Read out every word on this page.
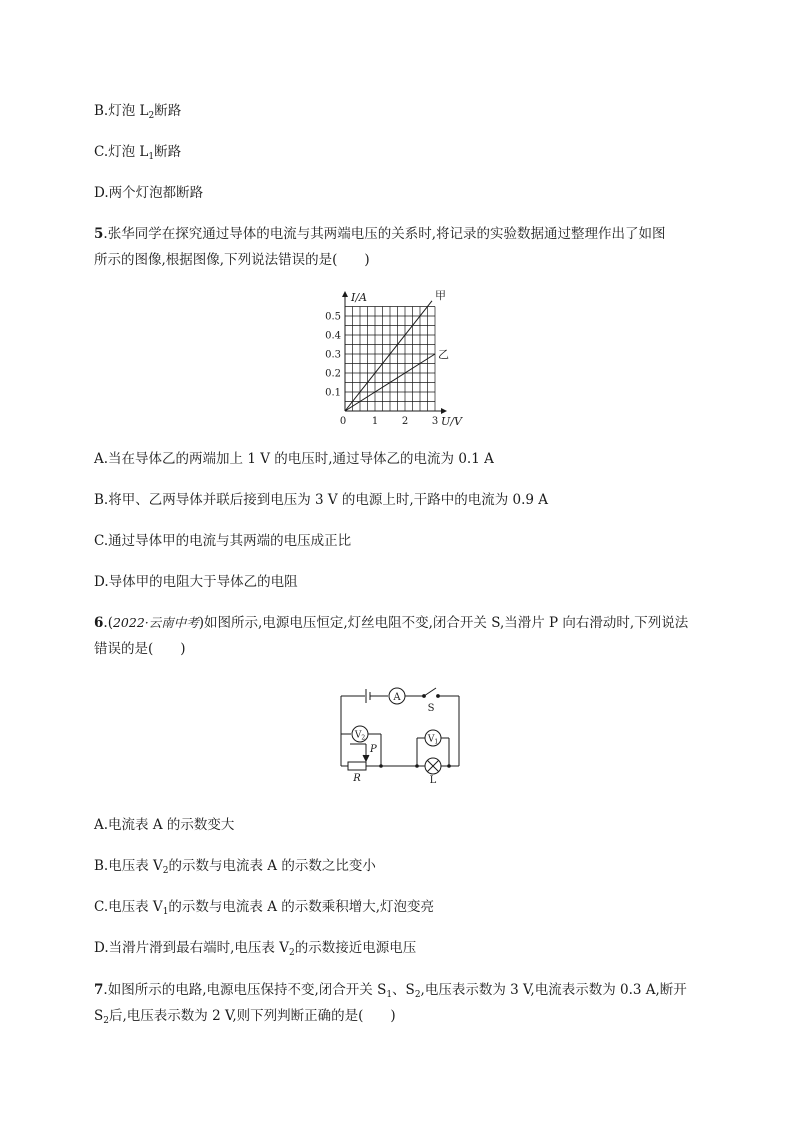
B.灯泡 $L_2$断路
C.灯泡 $L_1$断路
D.两个灯泡都断路
5.张华同学在探究通过导体的电流与其两端电压的关系时,将记录的实验数据通过整理作出了如图
所示的图像,根据图像,下列说法错误的是(　　)
甲
乙
0	1 2 3
0.1
0.2
0.3
0.4
0.5
I/A
U/V
A.当在导体乙的两端加上 1 V 的电压时,通过导体乙的电流为 0.1 A
B.将甲、乙两导体并联后接到电压为 3 V 的电源上时,干路中的电流为 0.9 A
C.通过导体甲的电流与其两端的电压成正比
D.导体甲的电阻大于导体乙的电阻
6.(2022·云南中考)如图所示,电源电压恒定,灯丝电阻不变,闭合开关 S,当滑片 P 向右滑动时,下列说法
错误的是(　　)
A
S
$V_2$	$V_1$
P
R	L
A.电流表 A 的示数变大
B.电压表 $V_2$的示数与电流表 A 的示数之比变小
C.电压表 $V_1$的示数与电流表 A 的示数乘积增大,灯泡变亮
D.当滑片滑到最右端时,电压表 $V_2$的示数接近电源电压
7.如图所示的电路,电源电压保持不变,闭合开关 $S_1$、$S_2$,电压表示数为 3 V,电流表示数为 0.3 A,断开
$S_2$后,电压表示数为 2 V,则下列判断正确的是(　　)
